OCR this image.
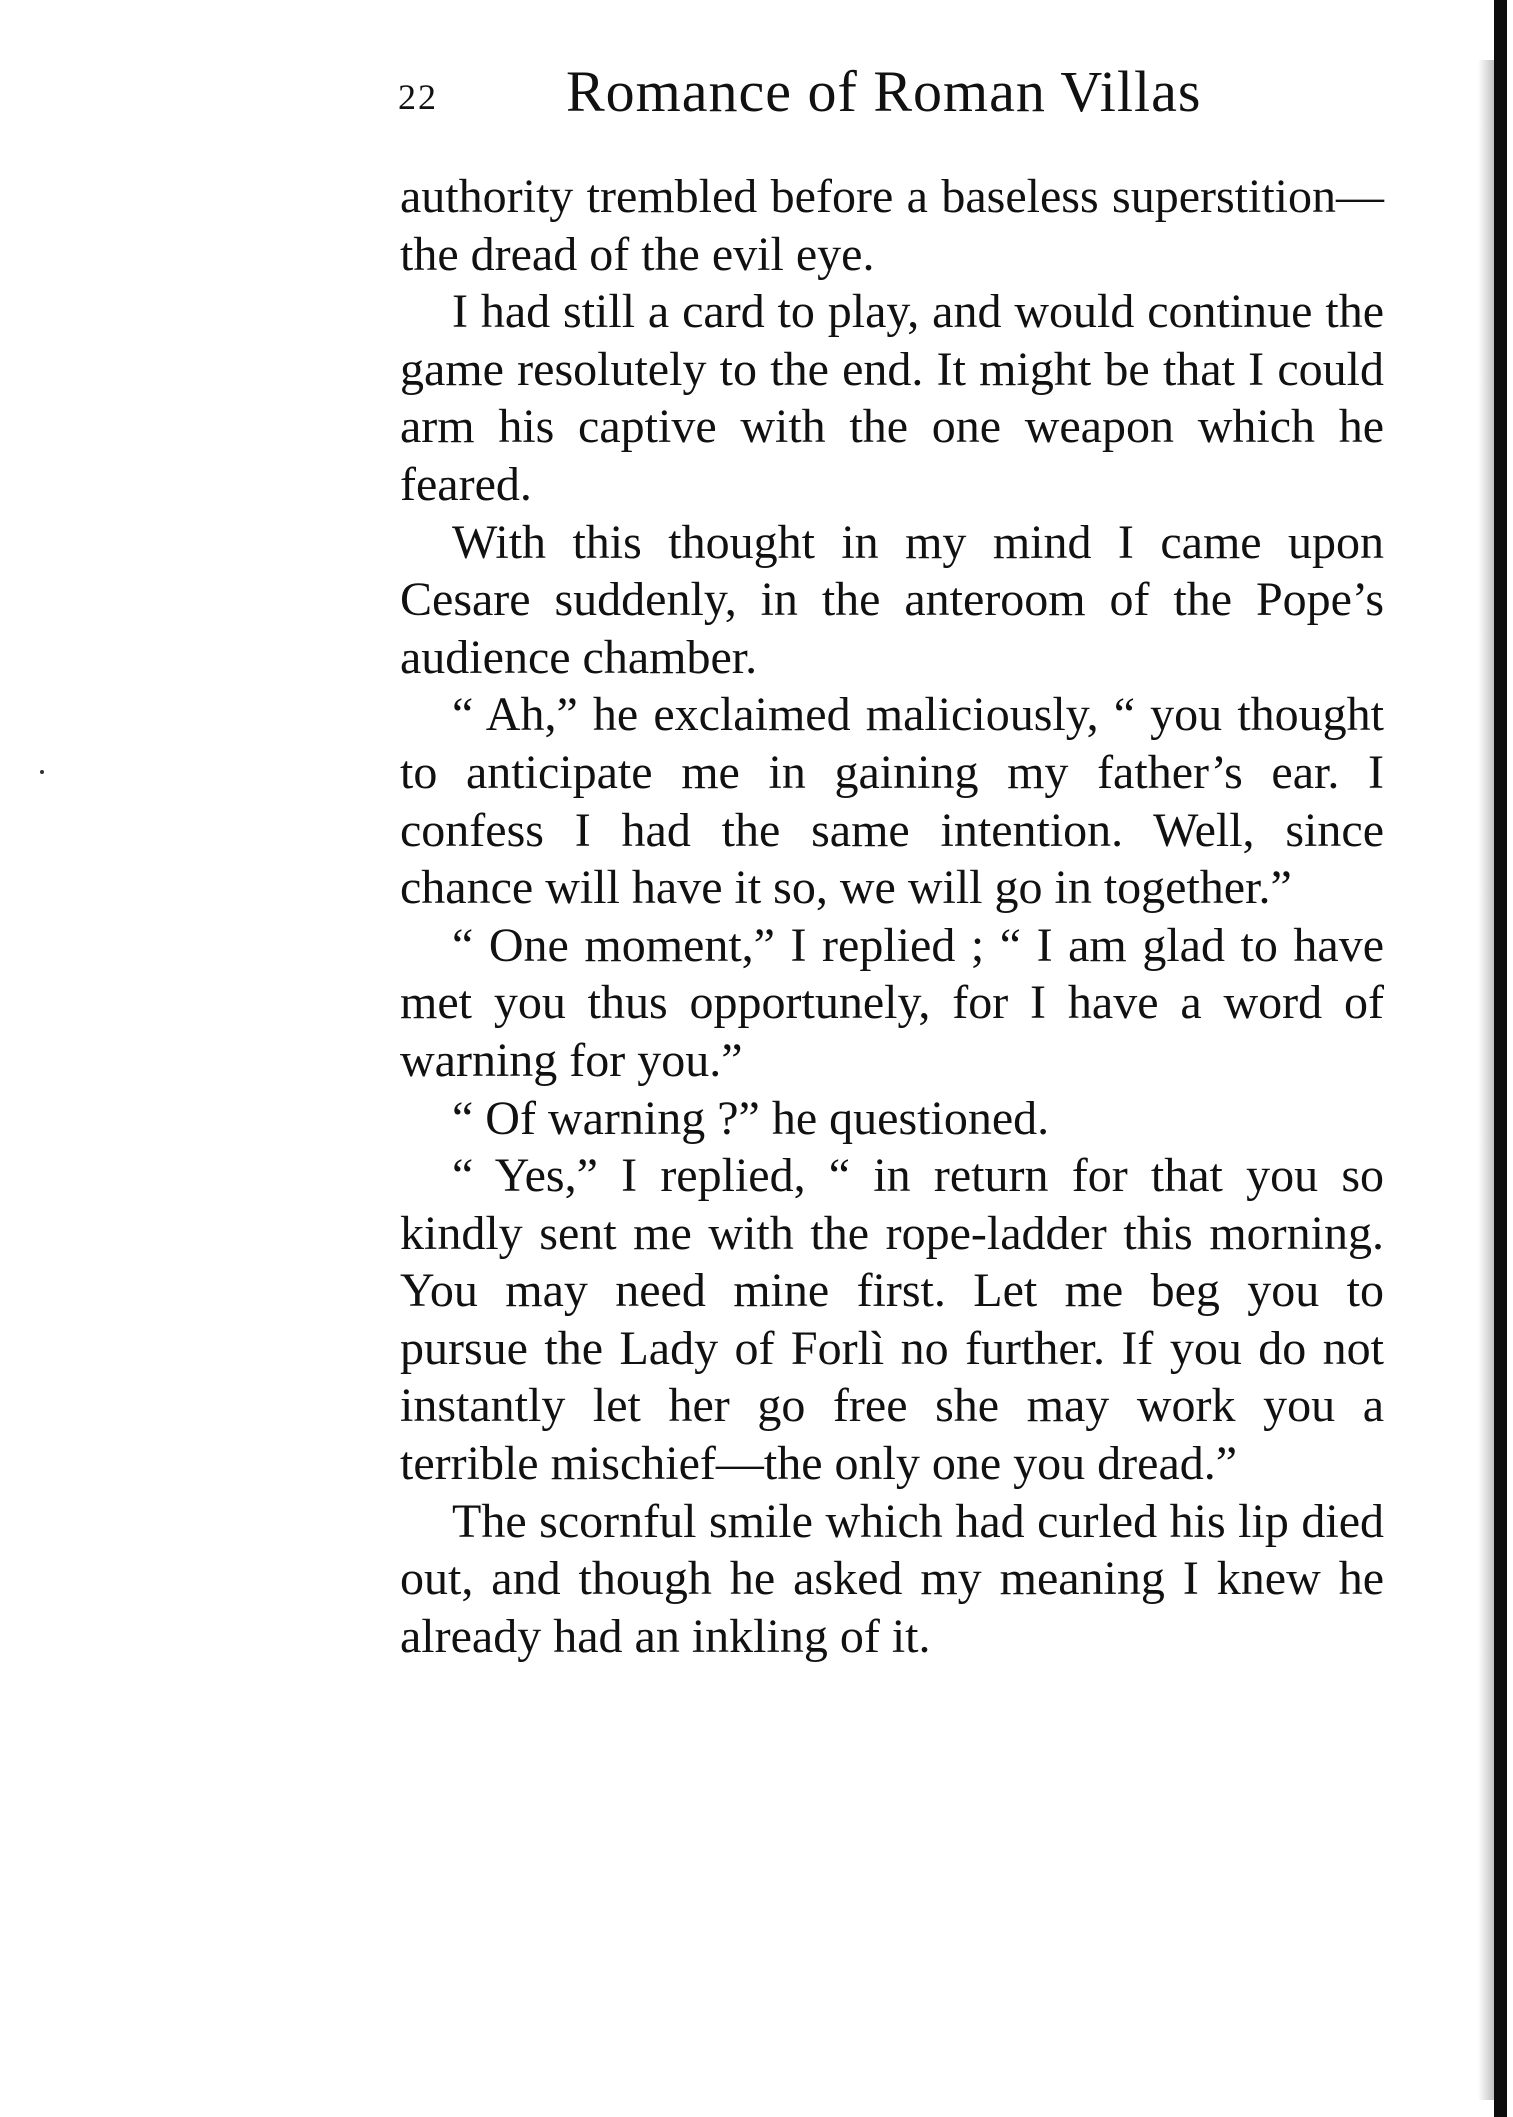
22 Romance of Roman Villas

authority trembled before a baseless superstition—the dread of the evil eye.

I had still a card to play, and would continue the game resolutely to the end. It might be that I could arm his captive with the one weapon which he feared.

With this thought in my mind I came upon Cesare suddenly, in the anteroom of the Pope’s audience chamber.

“ Ah,” he exclaimed maliciously, “ you thought to anticipate me in gaining my father’s ear. I confess I had the same intention. Well, since chance will have it so, we will go in together.”

“ One moment,” I replied ; “ I am glad to have met you thus opportunely, for I have a word of warning for you.”

“ Of warning ?” he questioned.

“ Yes,” I replied, “ in return for that you so kindly sent me with the rope-ladder this morning. You may need mine first. Let me beg you to pursue the Lady of Forlì no further. If you do not instantly let her go free she may work you a terrible mischief—the only one you dread.”

The scornful smile which had curled his lip died out, and though he asked my meaning I knew he already had an inkling of it.
